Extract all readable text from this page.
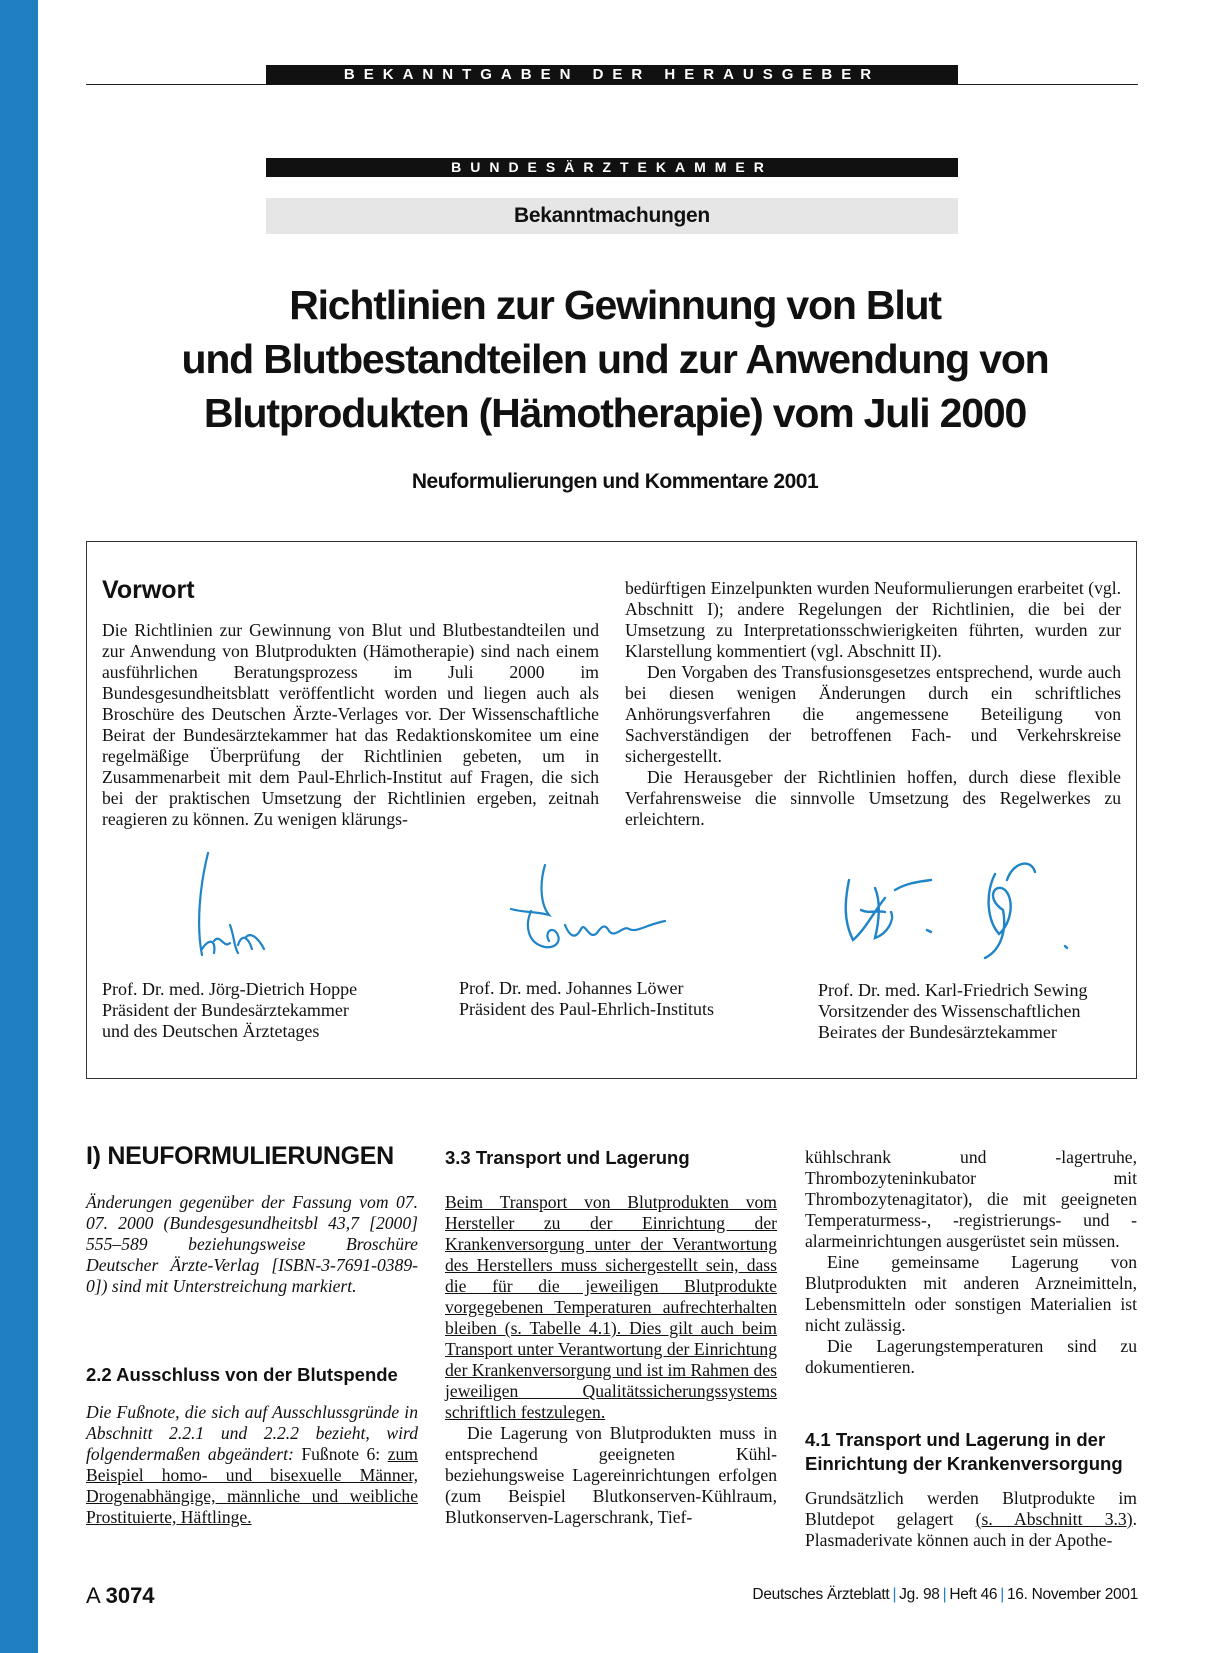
BEKANNTGABEN DER HERAUSGEBER
BUNDESÄRZTEKAMMER
Bekanntmachungen
Richtlinien zur Gewinnung von Blut
und Blutbestandteilen und zur Anwendung von
Blutprodukten (Hämotherapie) vom Juli 2000
Neuformulierungen und Kommentare 2001
Vorwort

Die Richtlinien zur Gewinnung von Blut und Blutbestandteilen und zur Anwendung von Blutprodukten (Hämotherapie) sind nach einem ausführlichen Beratungsprozess im Juli 2000 im Bundesgesundheitsblatt veröffentlicht worden und liegen auch als Broschüre des Deutschen Ärzte-Verlages vor. Der Wissenschaftliche Beirat der Bundesärztekammer hat das Redaktionskomitee um eine regelmäßige Überprüfung der Richtlinien gebeten, um in Zusammenarbeit mit dem Paul-Ehrlich-Institut auf Fragen, die sich bei der praktischen Umsetzung der Richtlinien ergeben, zeitnah reagieren zu können. Zu wenigen klärungs-

bedürftigen Einzelpunkten wurden Neuformulierungen erarbeitet (vgl. Abschnitt I); andere Regelungen der Richtlinien, die bei der Umsetzung zu Interpretationsschwierigkeiten führten, wurden zur Klarstellung kommentiert (vgl. Abschnitt II).

Den Vorgaben des Transfusionsgesetzes entsprechend, wurde auch bei diesen wenigen Änderungen durch ein schriftliches Anhörungsverfahren die angemessene Beteiligung von Sachverständigen der betroffenen Fach- und Verkehrskreise sichergestellt.

Die Herausgeber der Richtlinien hoffen, durch diese flexible Verfahrensweise die sinnvolle Umsetzung des Regelwerkes zu erleichtern.

Prof. Dr. med. Jörg-Dietrich Hoppe
Präsident der Bundesärztekammer
und des Deutschen Ärztetages
Prof. Dr. med. Johannes Löwer
Präsident des Paul-Ehrlich-Instituts
Prof. Dr. med. Karl-Friedrich Sewing
Vorsitzender des Wissenschaftlichen
Beirates der Bundesärztekammer
I) NEUFORMULIERUNGEN
Änderungen gegenüber der Fassung vom 07. 07. 2000 (Bundesgesundheitsbl 43,7 [2000] 555–589 beziehungsweise Broschüre Deutscher Ärzte-Verlag [ISBN-3-7691-0389-0]) sind mit Unterstreichung markiert.
2.2 Ausschluss von der Blutspende

Die Fußnote, die sich auf Ausschlussgründe in Abschnitt 2.2.1 und 2.2.2 bezieht, wird folgendermaßen abgeändert: Fußnote 6: zum Beispiel homo- und bisexuelle Männer, Drogenabhängige, männliche und weibliche Prostituierte, Häftlinge.

3.3 Transport und Lagerung

Beim Transport von Blutprodukten vom Hersteller zu der Einrichtung der Krankenversorgung unter der Verantwortung des Herstellers muss sichergestellt sein, dass die für die jeweiligen Blutprodukte vorgegebenen Temperaturen aufrechterhalten bleiben (s. Tabelle 4.1). Dies gilt auch beim Transport unter Verantwortung der Einrichtung der Krankenversorgung und ist im Rahmen des jeweiligen Qualitätssicherungssystems schriftlich festzulegen.

Die Lagerung von Blutprodukten muss in entsprechend geeigneten Kühl- beziehungsweise Lagereinrichtungen erfolgen (zum Beispiel Blutkonserven-Kühlraum, Blutkonserven-Lagerschrank, Tief-

kühlschrank und -lagertruhe, Thrombozyteninkubator mit Thrombozytenagitator), die mit geeigneten Temperaturmess-, -registrierungs- und -alarmeinrichtungen ausgerüstet sein müssen.

Eine gemeinsame Lagerung von Blutprodukten mit anderen Arzneimitteln, Lebensmitteln oder sonstigen Materialien ist nicht zulässig.

Die Lagerungstemperaturen sind zu dokumentieren.

4.1 Transport und Lagerung in der Einrichtung der Krankenversorgung

Grundsätzlich werden Blutprodukte im Blutdepot gelagert (s. Abschnitt 3.3). Plasmaderivate können auch in der Apothe-

A 3074	Deutsches Ärzteblatt | Jg. 98 | Heft 46 | 16. November 2001
